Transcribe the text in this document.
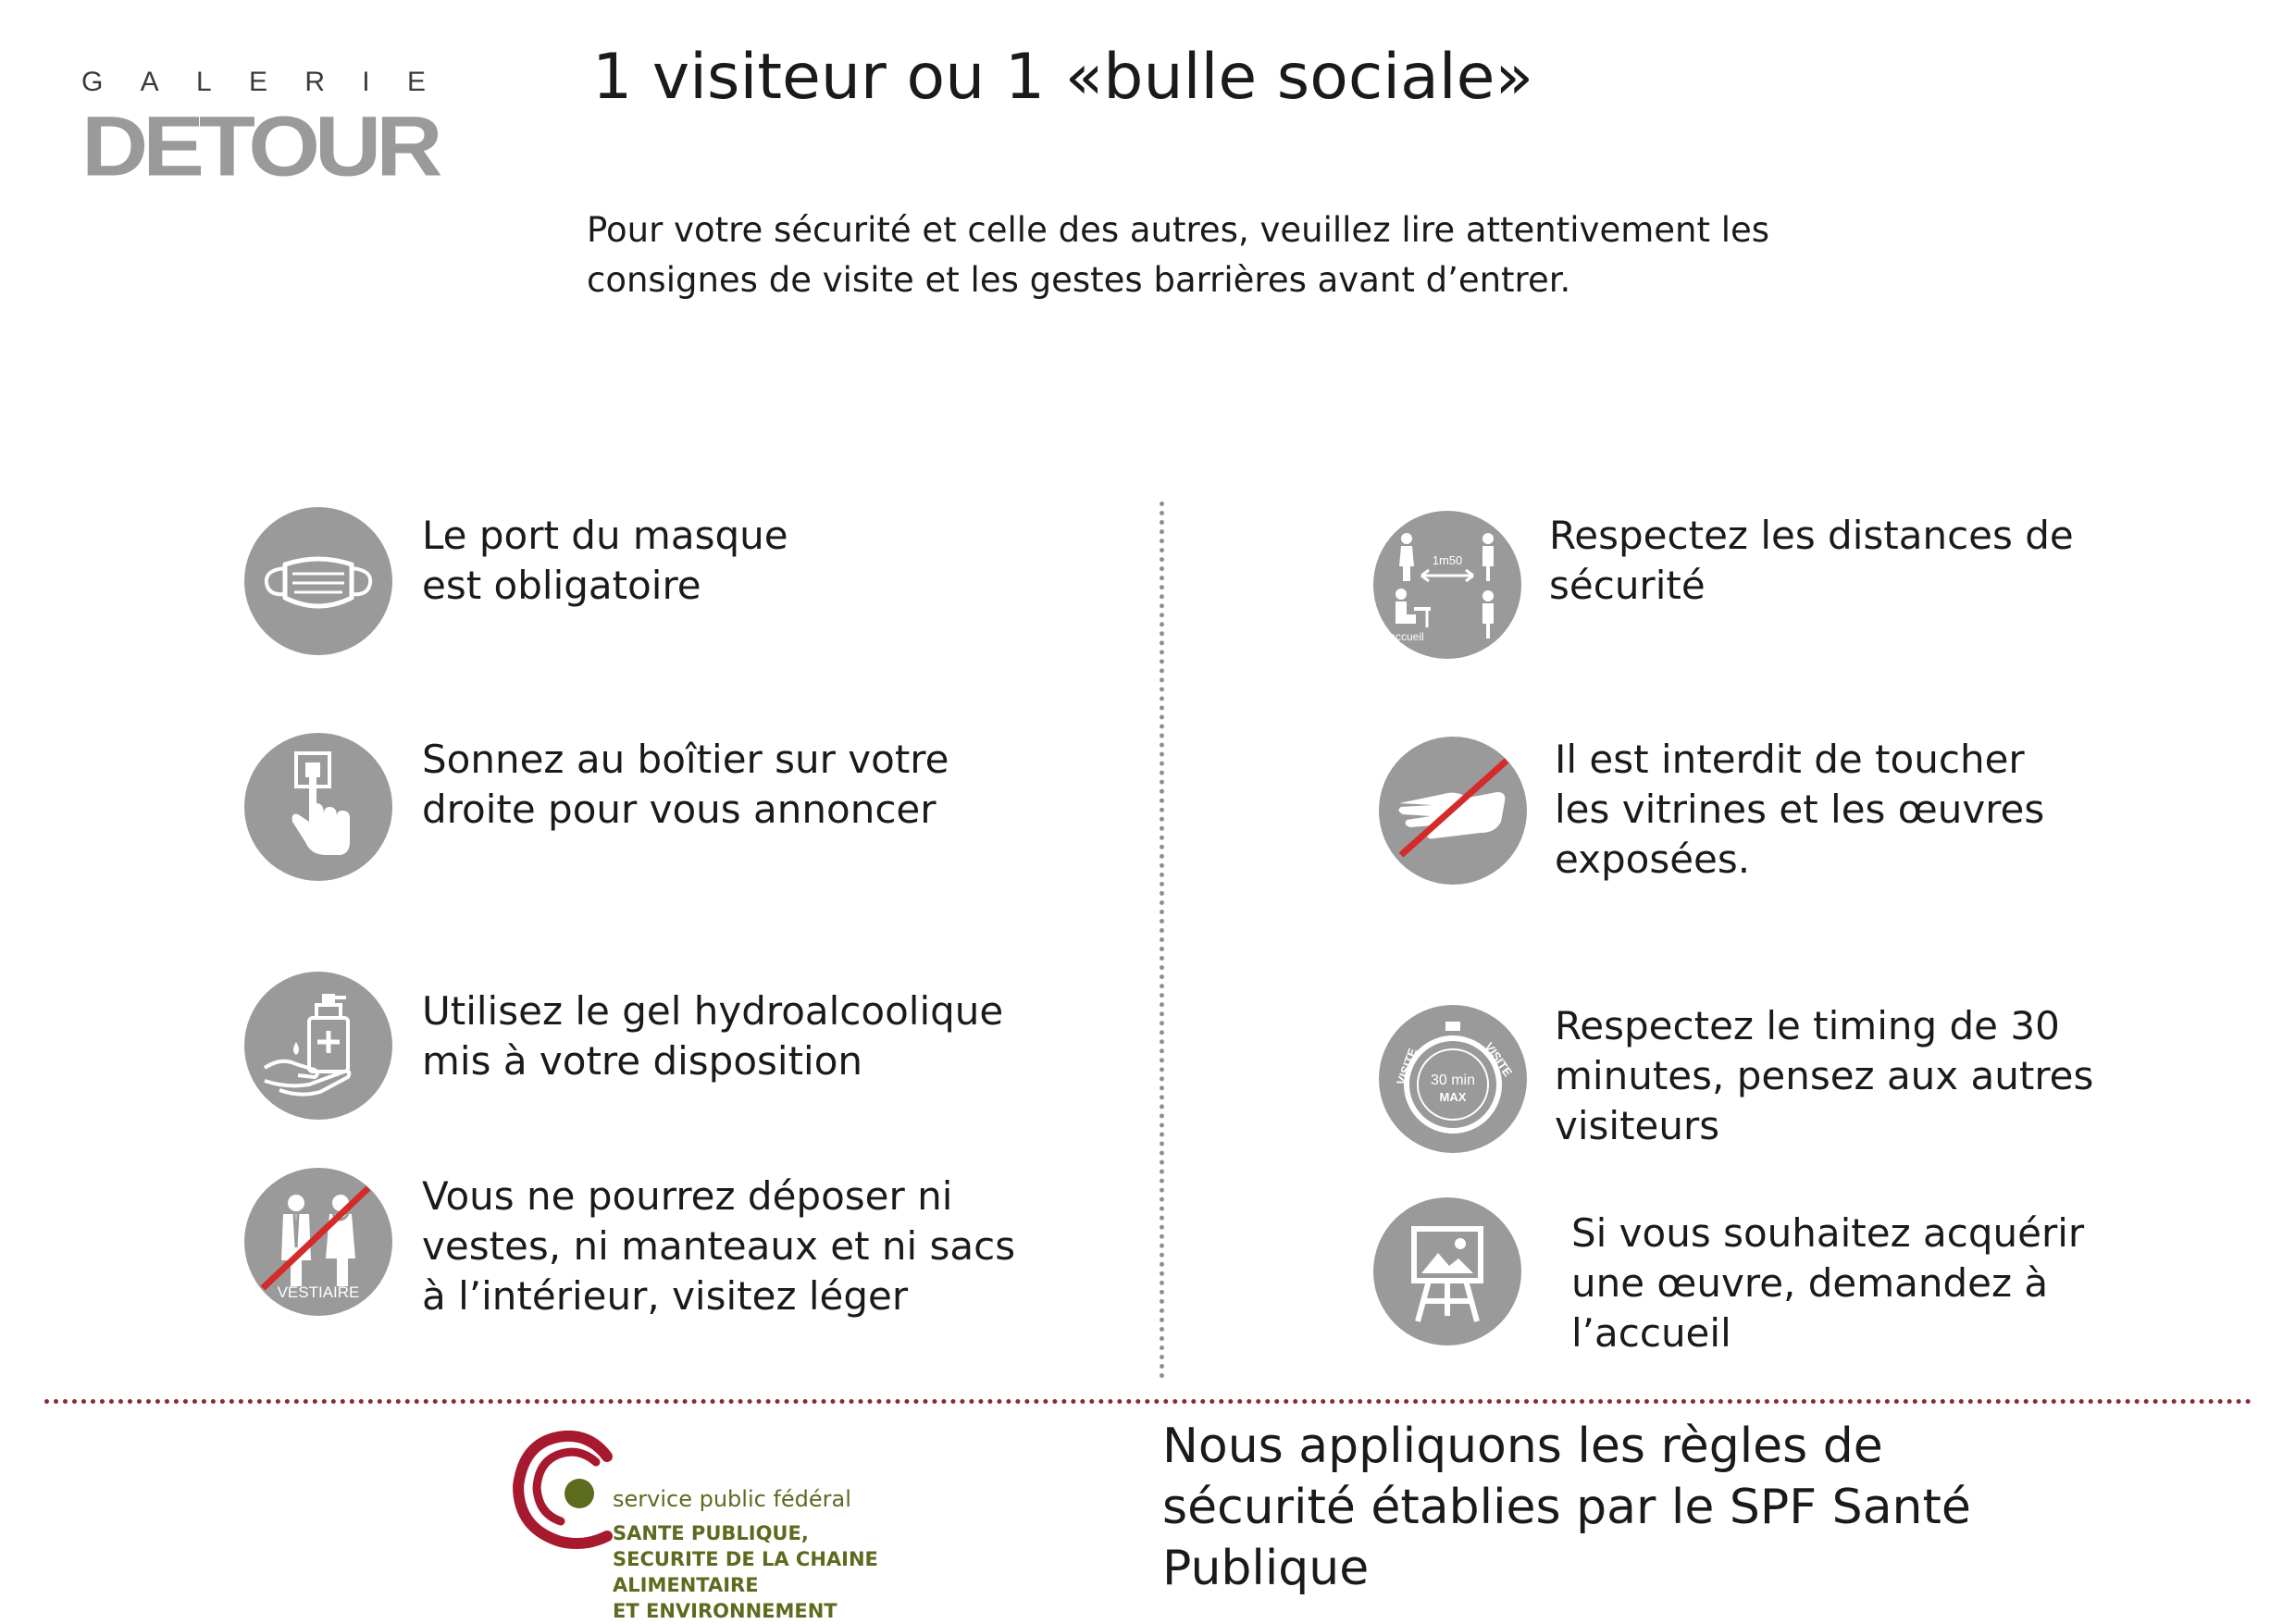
G A L E R I E
DETOUR
1 visiteur ou 1 «bulle sociale»
Pour votre sécurité et celle des autres, veuillez lire attentivement les
consignes de visite et les gestes barrières avant d’entrer.
Le port du masque
est obligatoire
Sonnez au boîtier sur votre
droite pour vous annoncer
Utilisez le gel hydroalcoolique
mis à votre disposition
VESTIAIRE
Vous ne pourrez déposer ni
vestes, ni manteaux et ni sacs
à l’intérieur, visitez léger
1m50
accueil
Respectez les distances de
sécurité
Il est interdit de toucher
les vitrines et les œuvres
exposées.
30 min
MAX
VISITE	VISITE
Respectez le timing de 30
minutes, pensez aux autres
visiteurs
Si vous souhaitez acquérir
une œuvre, demandez à
l’accueil
service public fédéral
SANTE PUBLIQUE,
SECURITE DE LA CHAINE ALIMENTAIRE
ET ENVIRONNEMENT
Nous appliquons les règles de
sécurité établies par le SPF Santé
Publique
